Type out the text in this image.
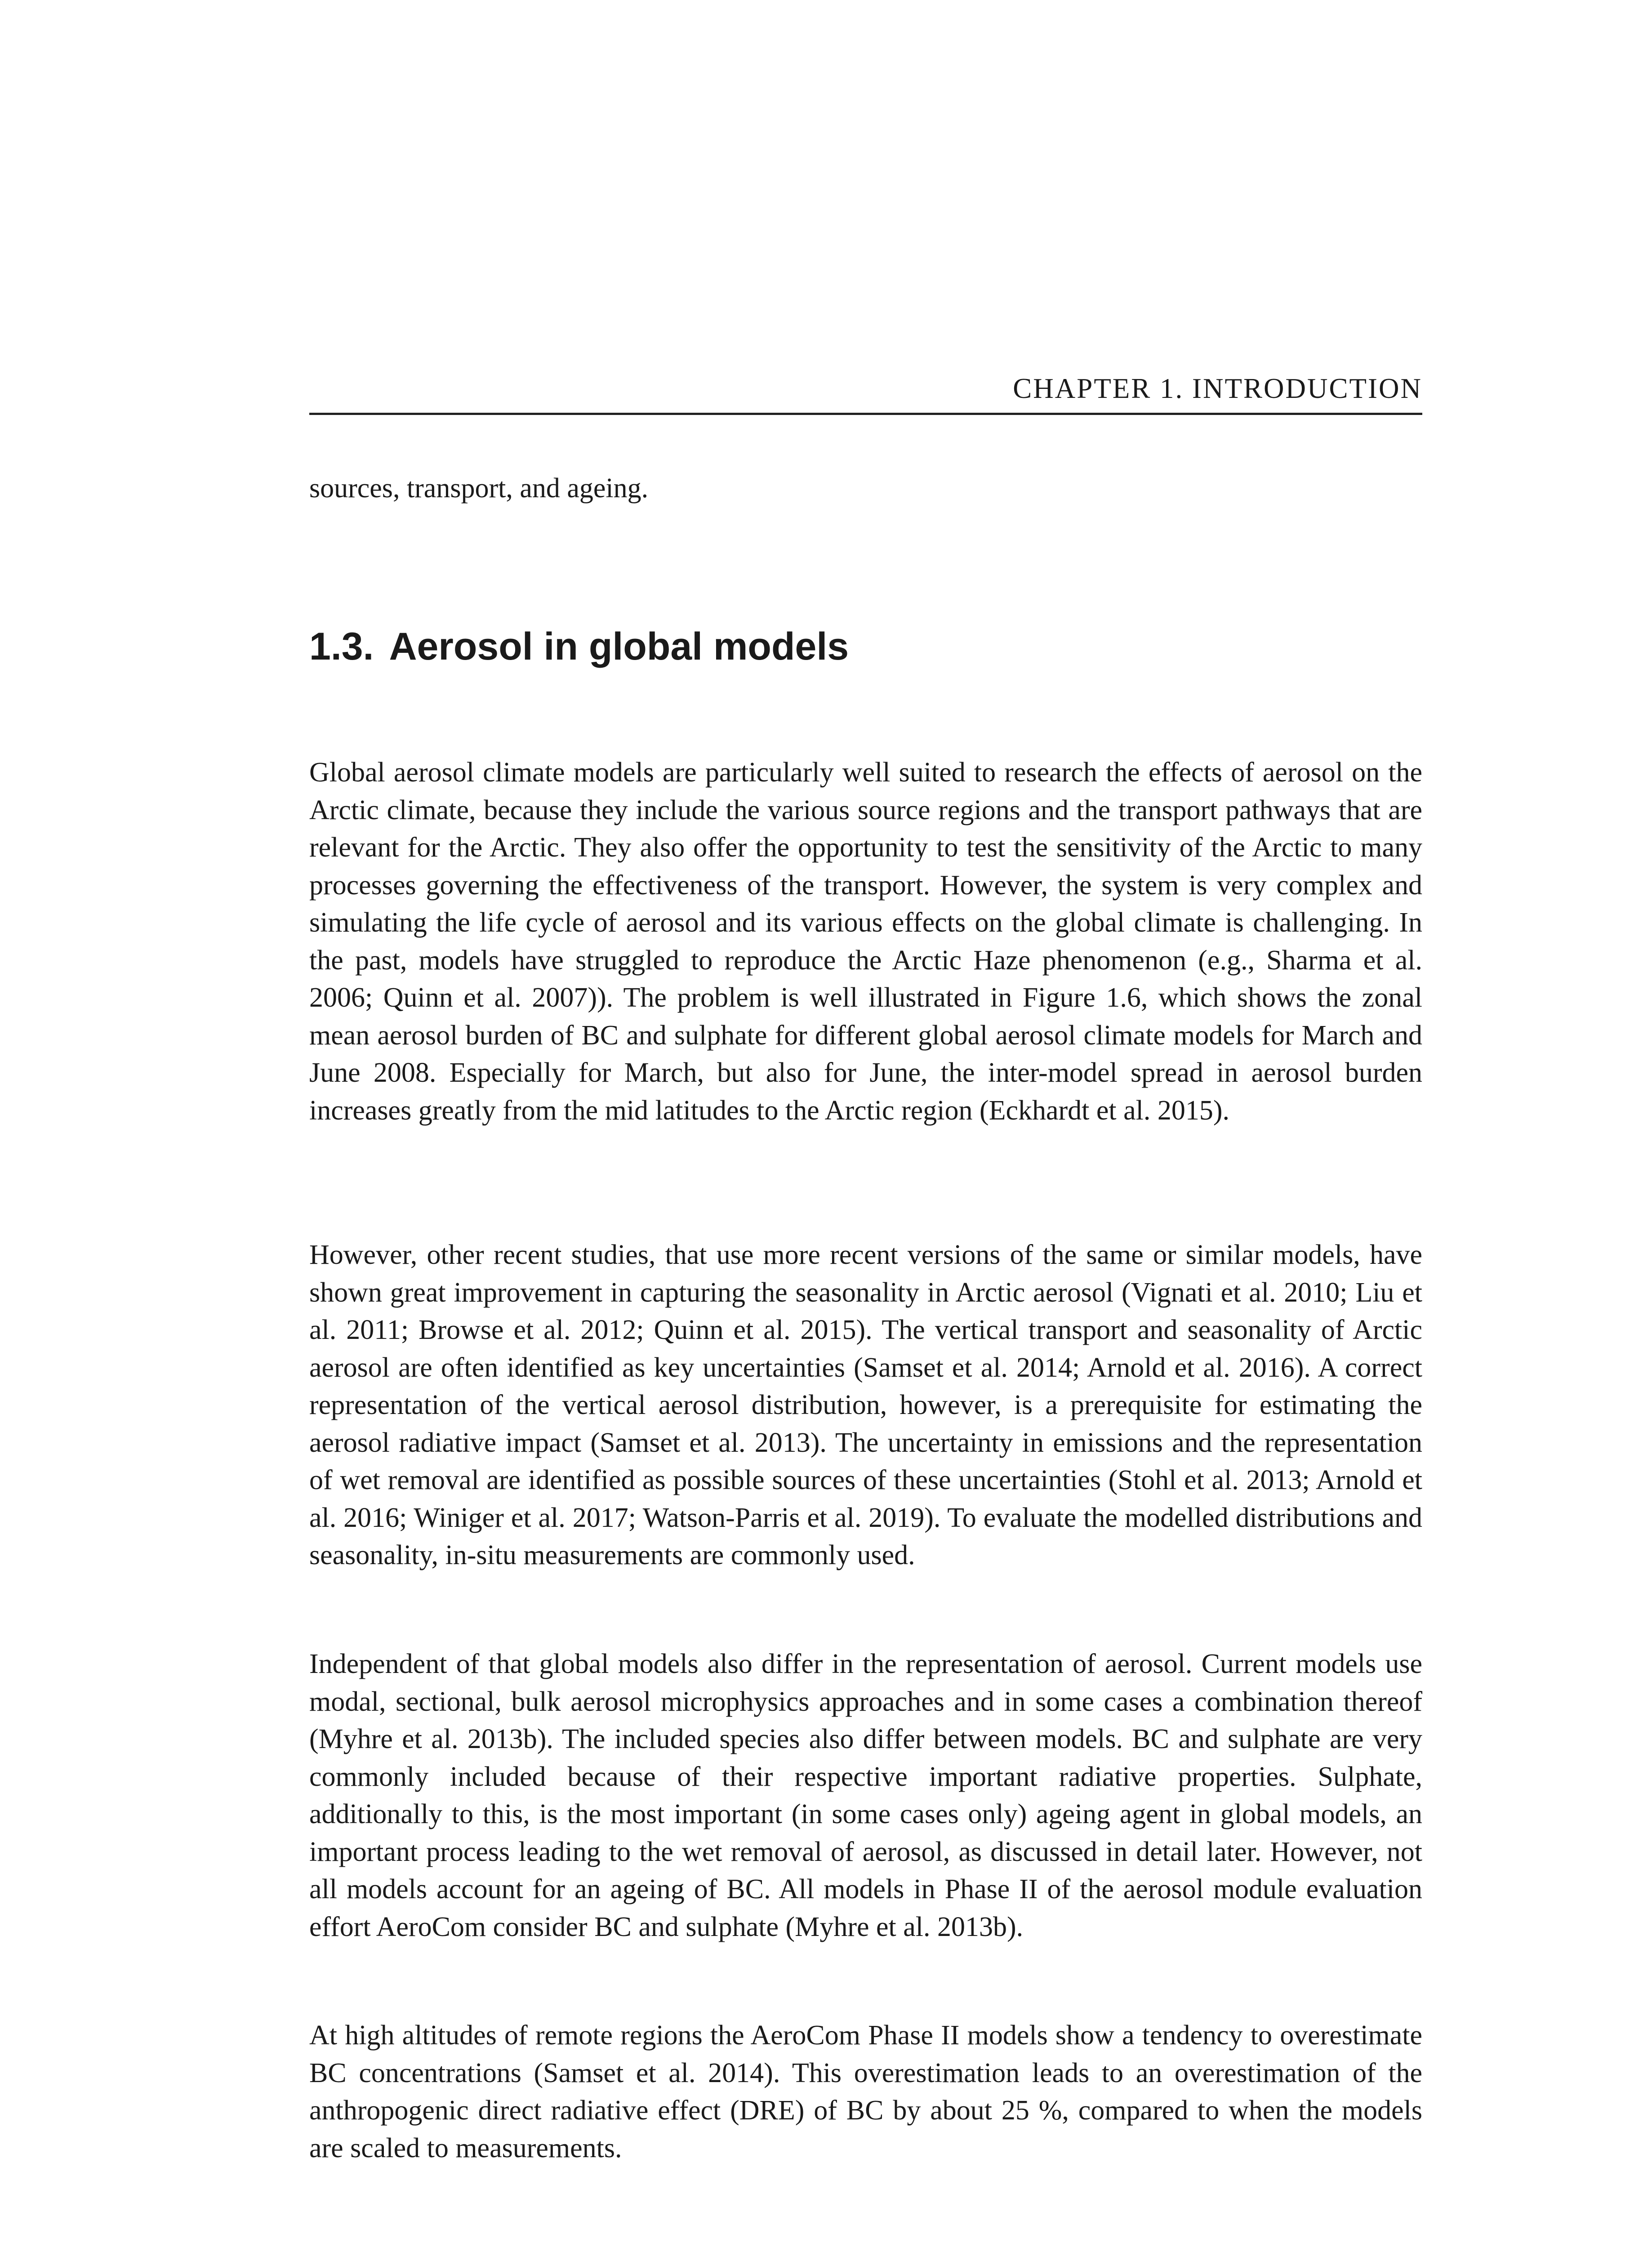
CHAPTER 1. INTRODUCTION

sources, transport, and ageing.

1.3. Aerosol in global models

Global aerosol climate models are particularly well suited to research the effects of aerosol on the Arctic climate, because they include the various source regions and the transport pathways that are relevant for the Arctic. They also offer the opportunity to test the sensitivity of the Arctic to many processes governing the effectiveness of the transport. However, the system is very complex and simulating the life cycle of aerosol and its various effects on the global climate is challenging. In the past, models have struggled to reproduce the Arctic Haze phenomenon (e.g., Sharma et al. 2006; Quinn et al. 2007)). The problem is well illustrated in Figure 1.6, which shows the zonal mean aerosol burden of BC and sulphate for different global aerosol climate models for March and June 2008. Especially for March, but also for June, the inter-model spread in aerosol burden increases greatly from the mid latitudes to the Arctic region (Eckhardt et al. 2015).

However, other recent studies, that use more recent versions of the same or similar models, have shown great improvement in capturing the seasonality in Arctic aerosol (Vignati et al. 2010; Liu et al. 2011; Browse et al. 2012; Quinn et al. 2015). The vertical transport and seasonality of Arctic aerosol are often identified as key uncertainties (Samset et al. 2014; Arnold et al. 2016). A correct representation of the vertical aerosol distribution, however, is a prerequisite for estimating the aerosol radiative impact (Samset et al. 2013). The uncertainty in emissions and the representation of wet removal are identified as possible sources of these uncertainties (Stohl et al. 2013; Arnold et al. 2016; Winiger et al. 2017; Watson-Parris et al. 2019). To evaluate the modelled distributions and seasonality, in-situ measurements are commonly used.

Independent of that global models also differ in the representation of aerosol. Current models use modal, sectional, bulk aerosol microphysics approaches and in some cases a combination thereof (Myhre et al. 2013b). The included species also differ between models. BC and sulphate are very commonly included because of their respective important radiative properties. Sulphate, additionally to this, is the most important (in some cases only) ageing agent in global models, an important process leading to the wet removal of aerosol, as discussed in detail later. However, not all models account for an ageing of BC. All models in Phase II of the aerosol module evaluation effort AeroCom consider BC and sulphate (Myhre et al. 2013b).

At high altitudes of remote regions the AeroCom Phase II models show a tendency to overestimate BC concentrations (Samset et al. 2014). This overestimation leads to an overestimation of the anthropogenic direct radiative effect (DRE) of BC by about 25 %, compared to when the models are scaled to measurements.
